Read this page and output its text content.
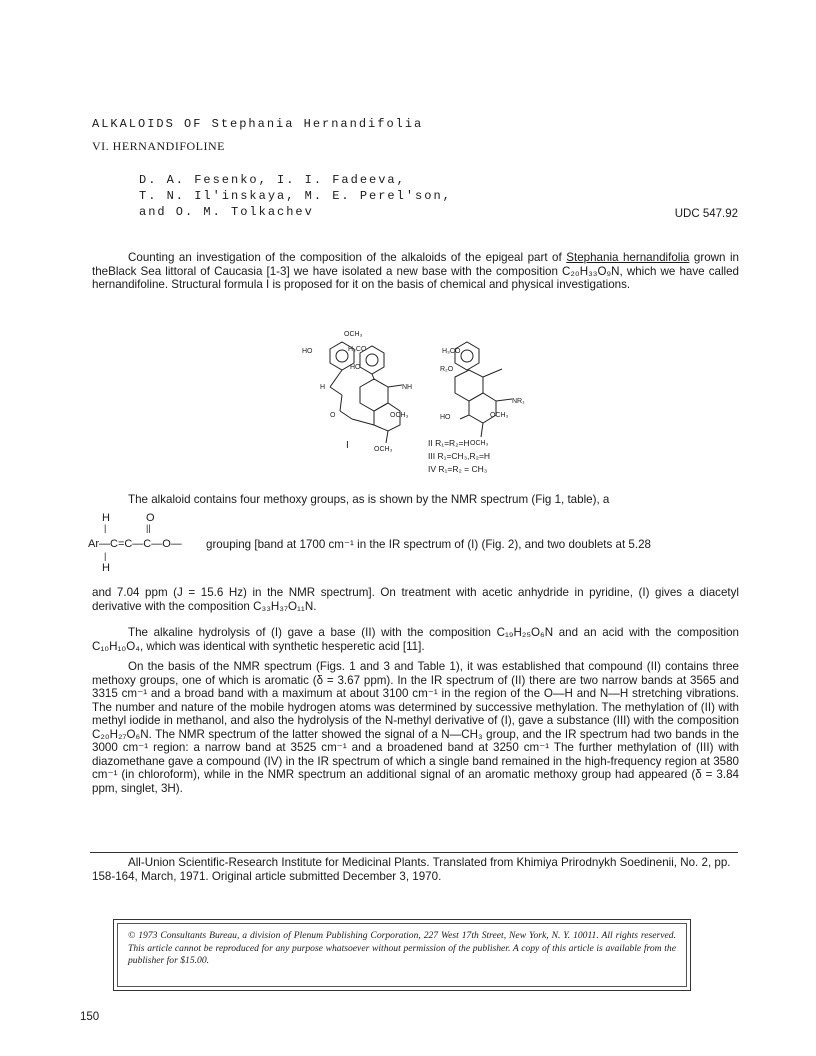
ALKALOIDS OF Stephania Hernandifolia
VI. HERNANDIFOLINE
D. A. Fesenko, I. I. Fadeeva,
T. N. Il'inskaya, M. E. Perel'son,
and O. M. Tolkachev	UDC 547.92
Counting an investigation of the composition of the alkaloids of the epigeal part of Stephania hernandifolia grown in theBlack Sea littoral of Caucasia [1-3] we have isolated a new base with the composition C₂₀H₃₃O₉N, which we have called hernandifoline. Structural formula I is proposed for it on the basis of chemical and physical investigations.
OCH₃
HO	H₃CO
HO
H	NH
OCH₃
OCH₃
O
H₃CO
R₂O
NR₁
HO	OCH₃
OCH₃
I	II R₁=R₂=H
III R₁=CH₃,R₂=H
IV R₁=R₂ = CH₃
The alkaloid contains four methoxy groups, as is shown by the NMR spectrum (Fig 1, table), a
H	O
|	||
Ar—C=C—C—O—
|
H
grouping [band at 1700 cm⁻¹ in the IR spectrum of (I) (Fig. 2), and two doublets at 5.28
and 7.04 ppm (J = 15.6 Hz) in the NMR spectrum]. On treatment with acetic anhydride in pyridine, (I) gives a diacetyl derivative with the composition C₃₃H₃₇O₁₁N.
The alkaline hydrolysis of (I) gave a base (II) with the composition C₁₉H₂₅O₆N and an acid with the composition C₁₀H₁₀O₄, which was identical with synthetic hesperetic acid [11].
On the basis of the NMR spectrum (Figs. 1 and 3 and Table 1), it was established that compound (II) contains three methoxy groups, one of which is aromatic (δ = 3.67 ppm). In the IR spectrum of (II) there are two narrow bands at 3565 and 3315 cm⁻¹ and a broad band with a maximum at about 3100 cm⁻¹ in the region of the O—H and N—H stretching vibrations. The number and nature of the mobile hydrogen atoms was determined by successive methylation. The methylation of (II) with methyl iodide in methanol, and also the hydrolysis of the N-methyl derivative of (I), gave a substance (III) with the composition C₂₀H₂₇O₆N. The NMR spectrum of the latter showed the signal of a N—CH₃ group, and the IR spectrum had two bands in the 3000 cm⁻¹ region: a narrow band at 3525 cm⁻¹ and a broadened band at 3250 cm⁻¹ The further methylation of (III) with diazomethane gave a compound (IV) in the IR spectrum of which a single band remained in the high-frequency region at 3580 cm⁻¹ (in chloroform), while in the NMR spectrum an additional signal of an aromatic methoxy group had appeared (δ = 3.84 ppm, singlet, 3H).
All-Union Scientific-Research Institute for Medicinal Plants. Translated from Khimiya Prirodnykh Soedinenii, No. 2, pp. 158-164, March, 1971. Original article submitted December 3, 1970.
© 1973 Consultants Bureau, a division of Plenum Publishing Corporation, 227 West 17th Street, New York, N. Y. 10011. All rights reserved. This article cannot be reproduced for any purpose whatsoever without permission of the publisher. A copy of this article is available from the publisher for $15.00.
150
